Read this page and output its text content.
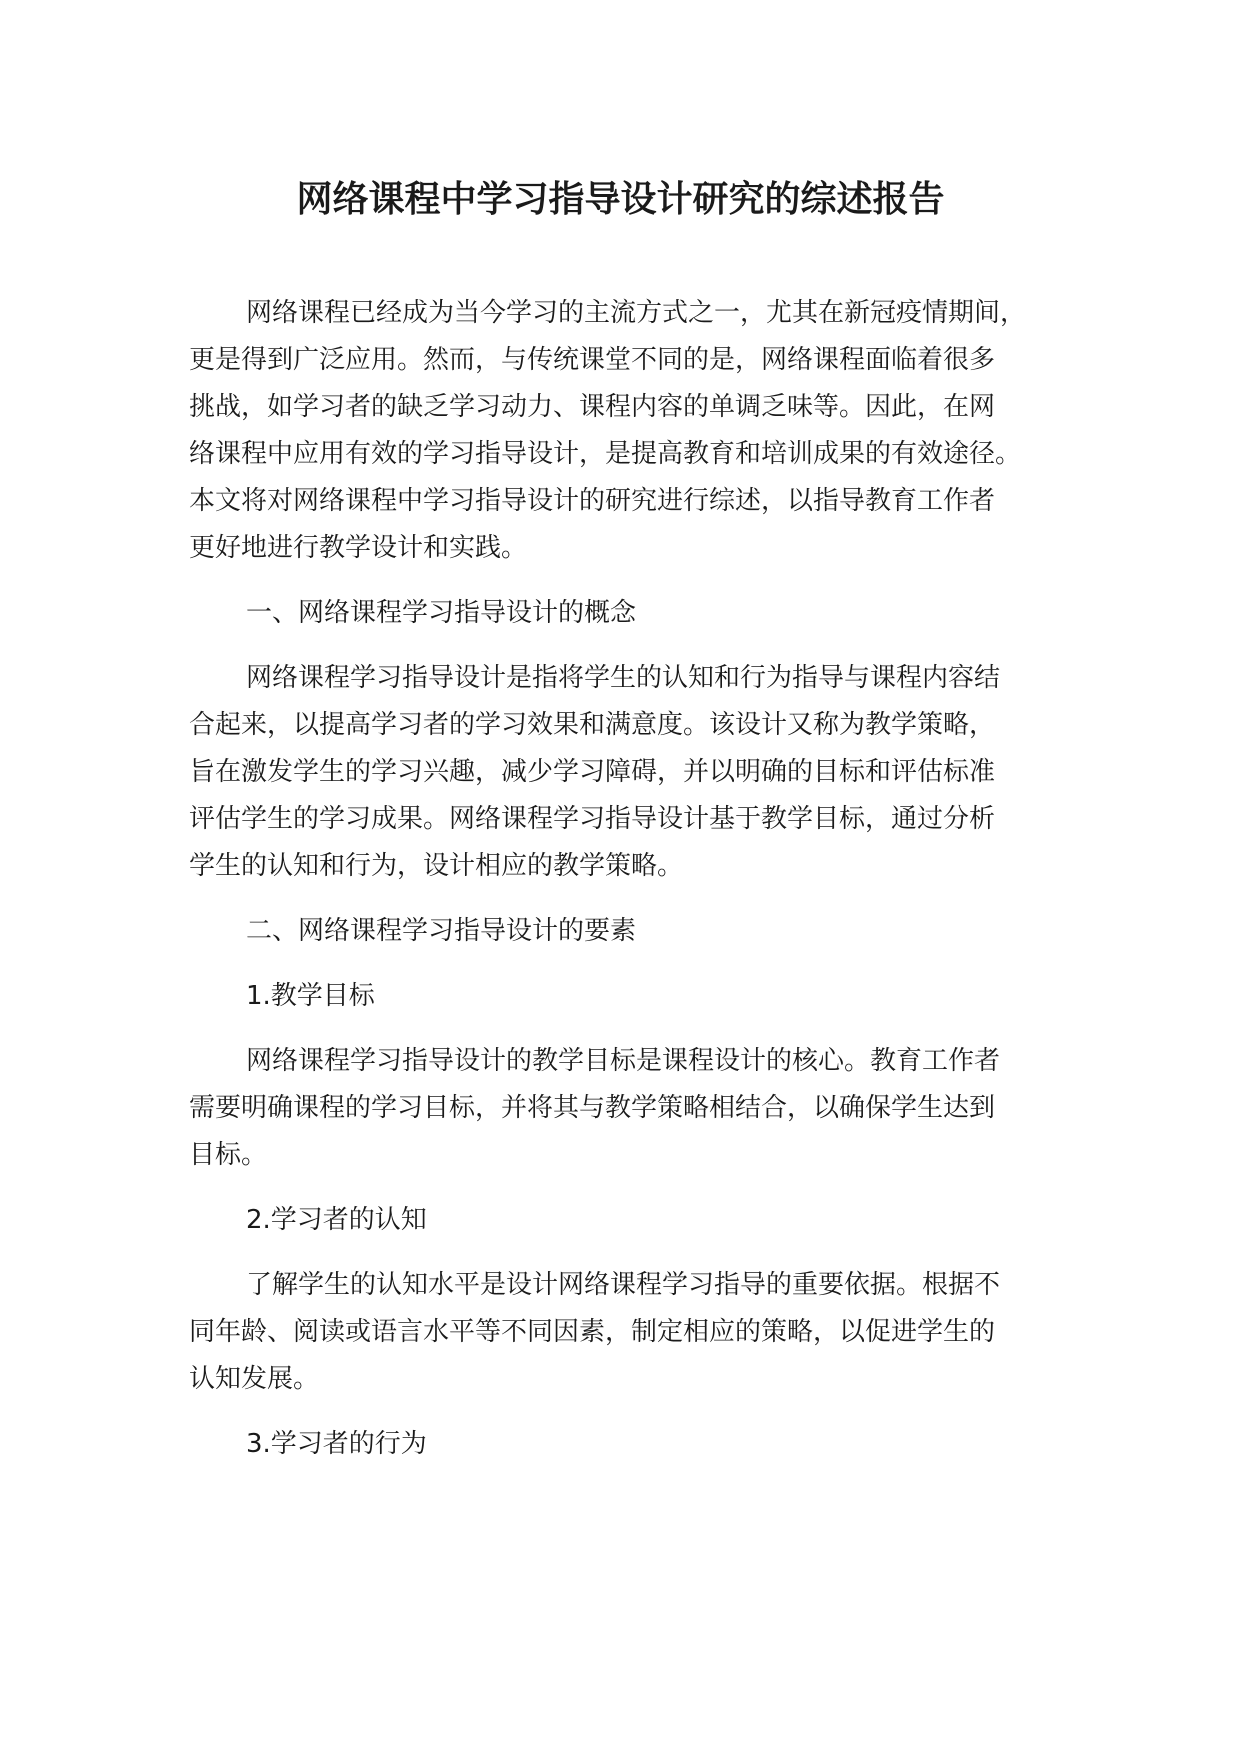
网络课程中学习指导设计研究的综述报告

网络课程已经成为当今学习的主流方式之一，尤其在新冠疫情期间，

更是得到广泛应用。然而，与传统课堂不同的是，网络课程面临着很多

挑战，如学习者的缺乏学习动力、课程内容的单调乏味等。因此，在网

络课程中应用有效的学习指导设计，是提高教育和培训成果的有效途径。

本文将对网络课程中学习指导设计的研究进行综述，以指导教育工作者

更好地进行教学设计和实践。

一、网络课程学习指导设计的概念

网络课程学习指导设计是指将学生的认知和行为指导与课程内容结

合起来，以提高学习者的学习效果和满意度。该设计又称为教学策略，

旨在激发学生的学习兴趣，减少学习障碍，并以明确的目标和评估标准

评估学生的学习成果。网络课程学习指导设计基于教学目标，通过分析

学生的认知和行为，设计相应的教学策略。

二、网络课程学习指导设计的要素

1.教学目标

网络课程学习指导设计的教学目标是课程设计的核心。教育工作者

需要明确课程的学习目标，并将其与教学策略相结合，以确保学生达到

目标。

2.学习者的认知

了解学生的认知水平是设计网络课程学习指导的重要依据。根据不

同年龄、阅读或语言水平等不同因素，制定相应的策略，以促进学生的

认知发展。

3.学习者的行为
